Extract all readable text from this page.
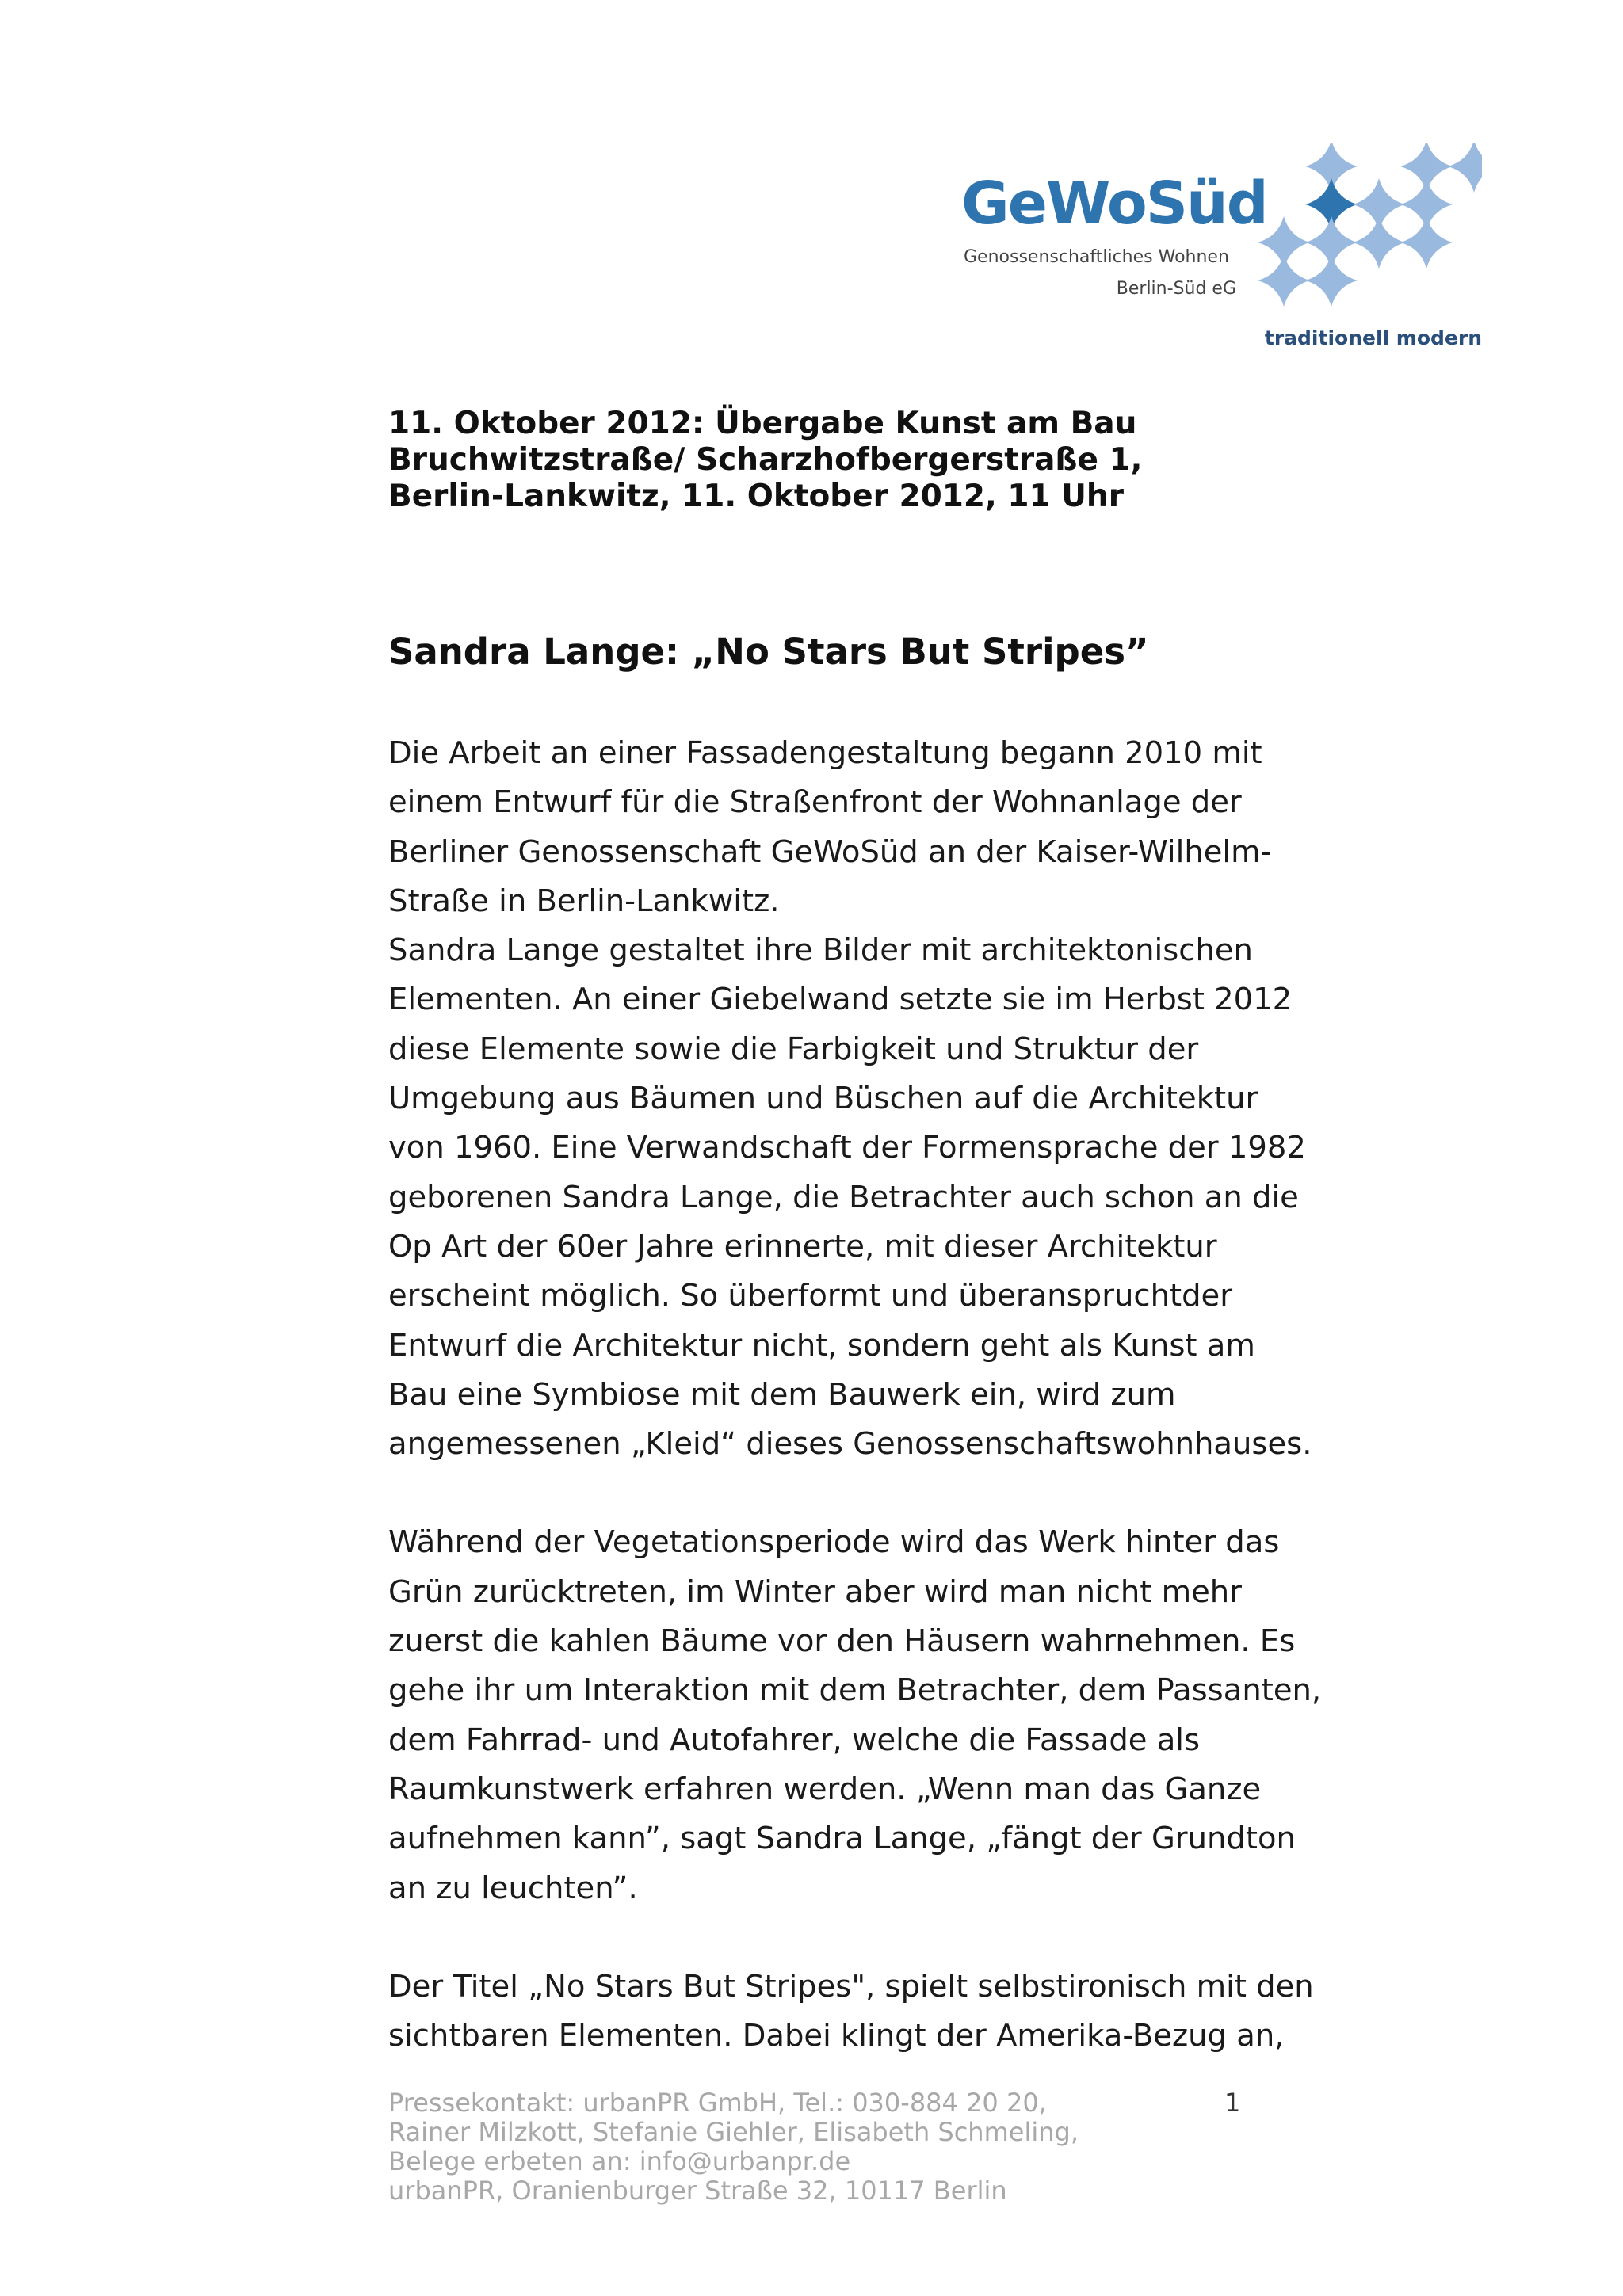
GeWoSüd
Genossenschaftliches Wohnen
Berlin-Süd eG
traditionell modern
11. Oktober 2012: Übergabe Kunst am Bau
Bruchwitzstraße/ Scharzhofbergerstraße 1,
Berlin-Lankwitz, 11. Oktober 2012, 11 Uhr
Sandra Lange: „No Stars But Stripes”
Die Arbeit an einer Fassadengestaltung begann 2010 mit
einem Entwurf für die Straßenfront der Wohnanlage der
Berliner Genossenschaft GeWoSüd an der Kaiser-Wilhelm-
Straße in Berlin-Lankwitz.
Sandra Lange gestaltet ihre Bilder mit architektonischen
Elementen. An einer Giebelwand setzte sie im Herbst 2012
diese Elemente sowie die Farbigkeit und Struktur der
Umgebung aus Bäumen und Büschen auf die Architektur
von 1960. Eine Verwandschaft der Formensprache der 1982
geborenen Sandra Lange, die Betrachter auch schon an die
Op Art der 60er Jahre erinnerte, mit dieser Architektur
erscheint möglich. So überformt und überanspruchtder
Entwurf die Architektur nicht, sondern geht als Kunst am
Bau eine Symbiose mit dem Bauwerk ein, wird zum
angemessenen „Kleid“ dieses Genossenschaftswohnhauses.
Während der Vegetationsperiode wird das Werk hinter das
Grün zurücktreten, im Winter aber wird man nicht mehr
zuerst die kahlen Bäume vor den Häusern wahrnehmen. Es
gehe ihr um Interaktion mit dem Betrachter, dem Passanten,
dem Fahrrad- und Autofahrer, welche die Fassade als
Raumkunstwerk erfahren werden. „Wenn man das Ganze
aufnehmen kann”, sagt Sandra Lange, „fängt der Grundton
an zu leuchten”.
Der Titel „No Stars But Stripes", spielt selbstironisch mit den
sichtbaren Elementen. Dabei klingt der Amerika-Bezug an,
Pressekontakt: urbanPR GmbH, Tel.: 030-884 20 20,
Rainer Milzkott, Stefanie Giehler, Elisabeth Schmeling,
Belege erbeten an: info@urbanpr.de
urbanPR, Oranienburger Straße 32, 10117 Berlin
1
